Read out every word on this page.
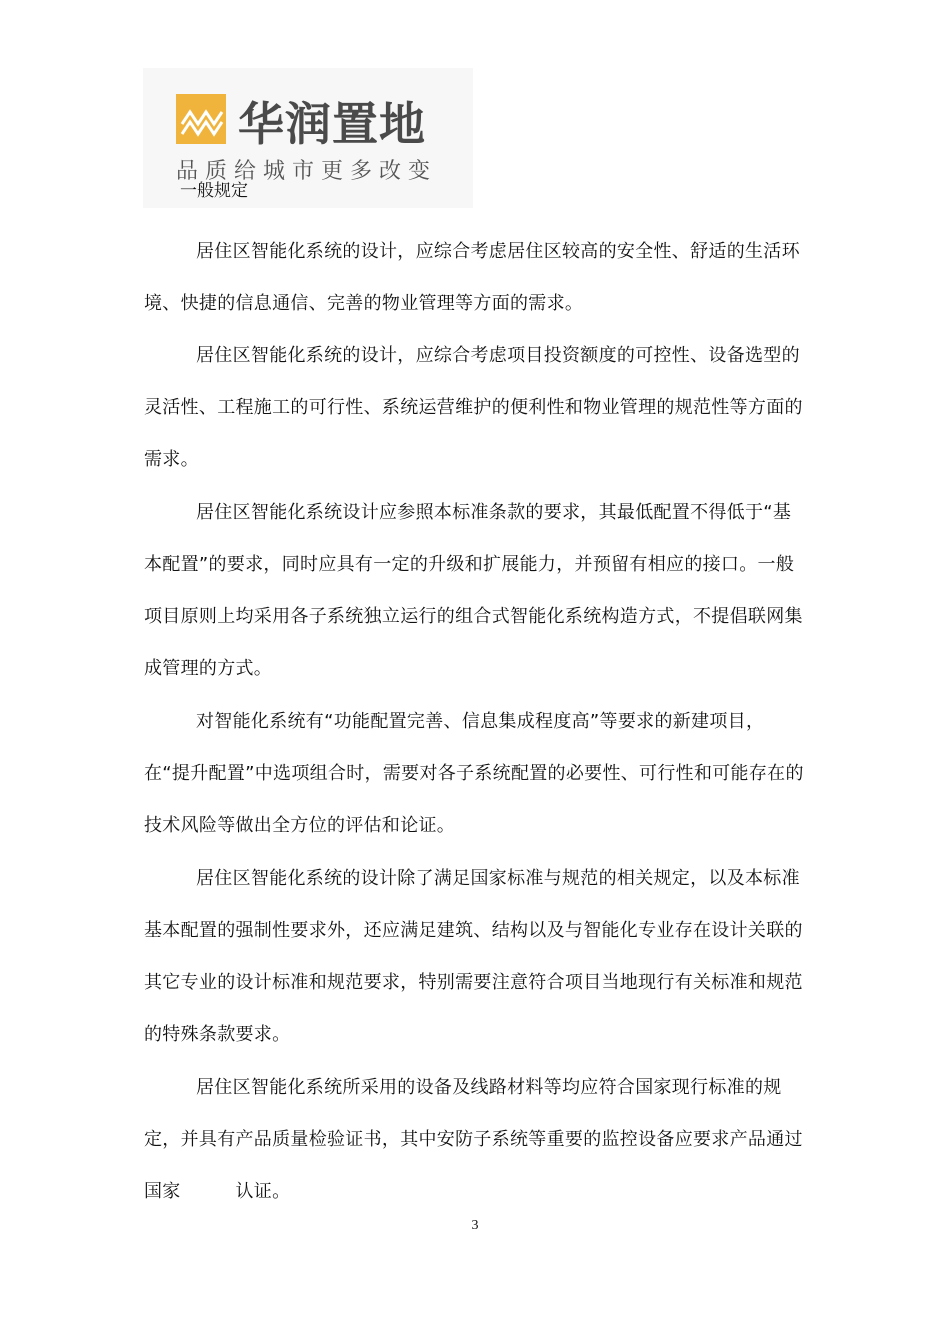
华润置地
品质给城市更多改变
一般规定

居住区智能化系统的设计，应综合考虑居住区较高的安全性、舒适的生活环境、快捷的信息通信、完善的物业管理等方面的需求。

居住区智能化系统的设计，应综合考虑项目投资额度的可控性、设备选型的灵活性、工程施工的可行性、系统运营维护的便利性和物业管理的规范性等方面的需求。

居住区智能化系统设计应参照本标准条款的要求，其最低配置不得低于“基本配置”的要求，同时应具有一定的升级和扩展能力，并预留有相应的接口。一般项目原则上均采用各子系统独立运行的组合式智能化系统构造方式，不提倡联网集成管理的方式。

对智能化系统有“功能配置完善、信息集成程度高”等要求的新建项目，在“提升配置”中选项组合时，需要对各子系统配置的必要性、可行性和可能存在的技术风险等做出全方位的评估和论证。

居住区智能化系统的设计除了满足国家标准与规范的相关规定，以及本标准基本配置的强制性要求外，还应满足建筑、结构以及与智能化专业存在设计关联的其它专业的设计标准和规范要求，特别需要注意符合项目当地现行有关标准和规范的特殊条款要求。

居住区智能化系统所采用的设备及线路材料等均应符合国家现行标准的规定，并具有产品质量检验证书，其中安防子系统等重要的监控设备应要求产品通过国家　　　认证。

3
